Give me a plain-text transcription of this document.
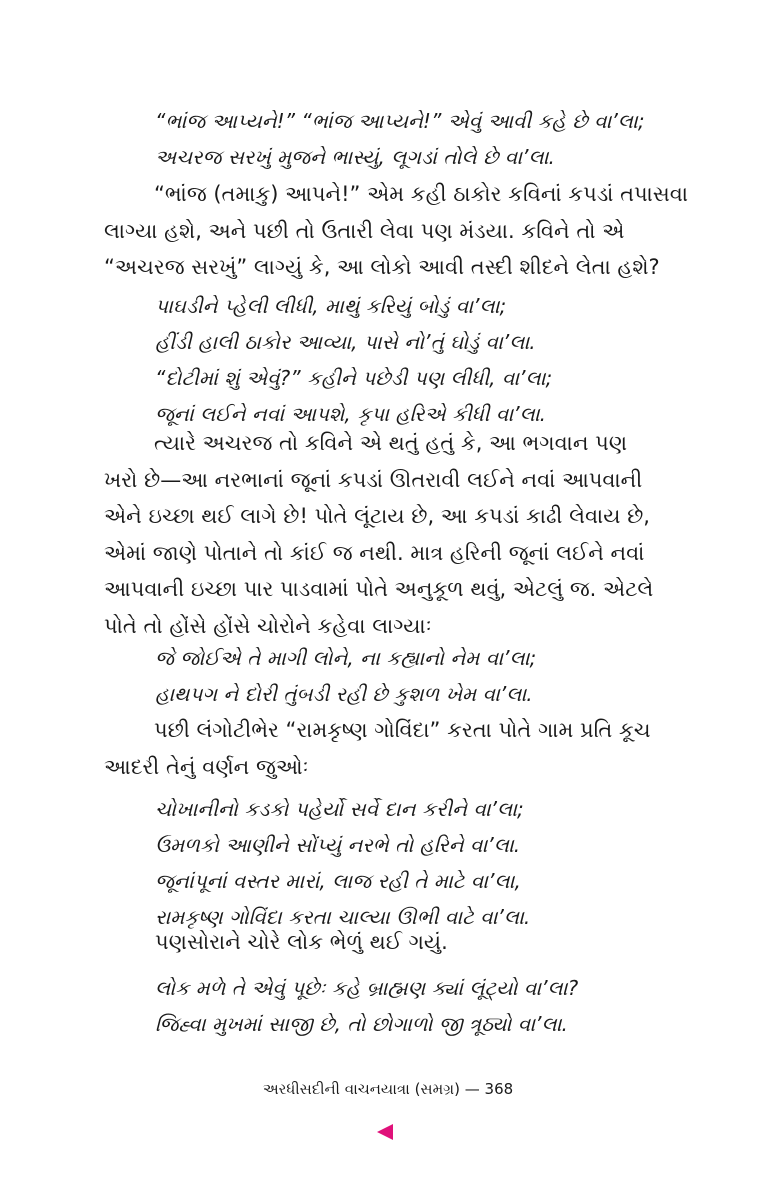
“ભાંજ આપ્યને!” “ભાંજ આપ્યને!” એવું આવી કહે છે વા’લા;
અચરજ સરખું મુજને ભાસ્યું, લૂગડાં તોલે છે વા’લા.
“ભાંજ (તમાકુ) આપને!” એમ કહી ઠાકોર કવિનાં કપડાં તપાસવા
લાગ્યા હશે, અને પછી તો ઉતારી લેવા પણ મંડયા. કવિને તો એ
“અચરજ સરખું” લાગ્યું કે, આ લોકો આવી તસ્દી શીદને લેતા હશે?
પાઘડીને પ્હેલી લીધી, માથું કરિયું બોડું વા’લા;
હીંડી હાલી ઠાકોર આવ્યા, પાસે નો’તું ઘોડું વા’લા.
“દોટીમાં શું એવું?” કહીને પછેડી પણ લીધી, વા’લા;
જૂનાં લઈને નવાં આપશે, કૃપા હરિએ કીધી વા’લા.
ત્યારે અચરજ તો કવિને એ થતું હતું કે, આ ભગવાન પણ
ખરો છે—આ નરભાનાં જૂનાં કપડાં ઊતરાવી લઈને નવાં આપવાની
એને ઇચ્છા થઈ લાગે છે! પોતે લૂંટાય છે, આ કપડાં કાઢી લેવાય છે,
એમાં જાણે પોતાને તો કાંઈ જ નથી. માત્ર હરિની જૂનાં લઈને નવાં
આપવાની ઇચ્છા પાર પાડવામાં પોતે અનુકૂળ થવું, એટલું જ. એટલે
પોતે તો હોંસે હોંસે ચોરોને કહેવા લાગ્યાઃ
જે જોઈએ તે માગી લોને, ના કહ્યાનો નેમ વા’લા;
હાથપગ ને દોરી તુંબડી રહી છે કુશળ ખેમ વા’લા.
પછી લંગોટીભેર “રામકૃષ્ણ ગોવિંદા” કરતા પોતે ગામ પ્રતિ કૂચ
આદરી તેનું વર્ણન જુઓઃ
ચોખાનીનો કડકો પહેર્યો સર્વે દાન કરીને વા’લા;
ઉમળકો આણીને સોંપ્યું નરભે તો હરિને વા’લા.
જૂનાંપૂનાં વસ્તર મારાં, લાજ રહી તે માટે વા’લા,
રામકૃષ્ણ ગોવિંદા કરતા ચાલ્યા ઊભી વાટે વા’લા.
પણસોરાને ચોરે લોક ભેળું થઈ ગયું.
લોક મળે તે એવું પૂછેઃ કહે બ્રાહ્મણ ક્યાં લૂંટ્યો વા’લા?
જિહ્વા મુખમાં સાજી છે, તો છોગાળો જી ત્રૂઠ્યો વા’લા.
અરધીસદીની વાચનયાત્રા (સમગ્ર) — 368
